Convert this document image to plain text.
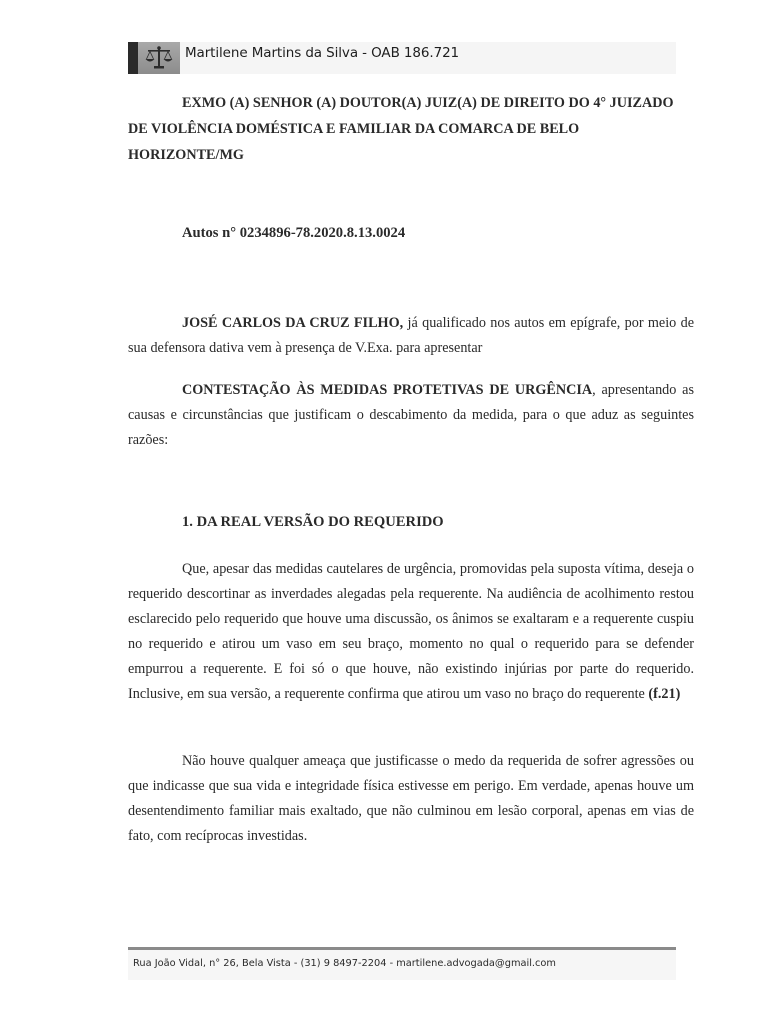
Martilene Martins da Silva - OAB 186.721
EXMO (A) SENHOR (A) DOUTOR(A) JUIZ(A) DE DIREITO DO 4° JUIZADO DE VIOLÊNCIA DOMÉSTICA E FAMILIAR DA COMARCA DE BELO HORIZONTE/MG
Autos n° 0234896-78.2020.8.13.0024
JOSÉ CARLOS DA CRUZ FILHO, já qualificado nos autos em epígrafe, por meio de sua defensora dativa vem à presença de V.Exa. para apresentar
CONTESTAÇÃO ÀS MEDIDAS PROTETIVAS DE URGÊNCIA, apresentando as causas e circunstâncias que justificam o descabimento da medida, para o que aduz as seguintes razões:
1. DA REAL VERSÃO DO REQUERIDO
Que, apesar das medidas cautelares de urgência, promovidas pela suposta vítima, deseja o requerido descortinar as inverdades alegadas pela requerente. Na audiência de acolhimento restou esclarecido pelo requerido que houve uma discussão, os ânimos se exaltaram e a requerente cuspiu no requerido e atirou um vaso em seu braço, momento no qual o requerido para se defender empurrou a requerente. E foi só o que houve, não existindo injúrias por parte do requerido. Inclusive, em sua versão, a requerente confirma que atirou um vaso no braço do requerente (f.21)
Não houve qualquer ameaça que justificasse o medo da requerida de sofrer agressões ou que indicasse que sua vida e integridade física estivesse em perigo. Em verdade, apenas houve um desentendimento familiar mais exaltado, que não culminou em lesão corporal, apenas em vias de fato, com recíprocas investidas.
Rua João Vidal, n° 26, Bela Vista - (31) 9 8497-2204 - martilene.advogada@gmail.com
